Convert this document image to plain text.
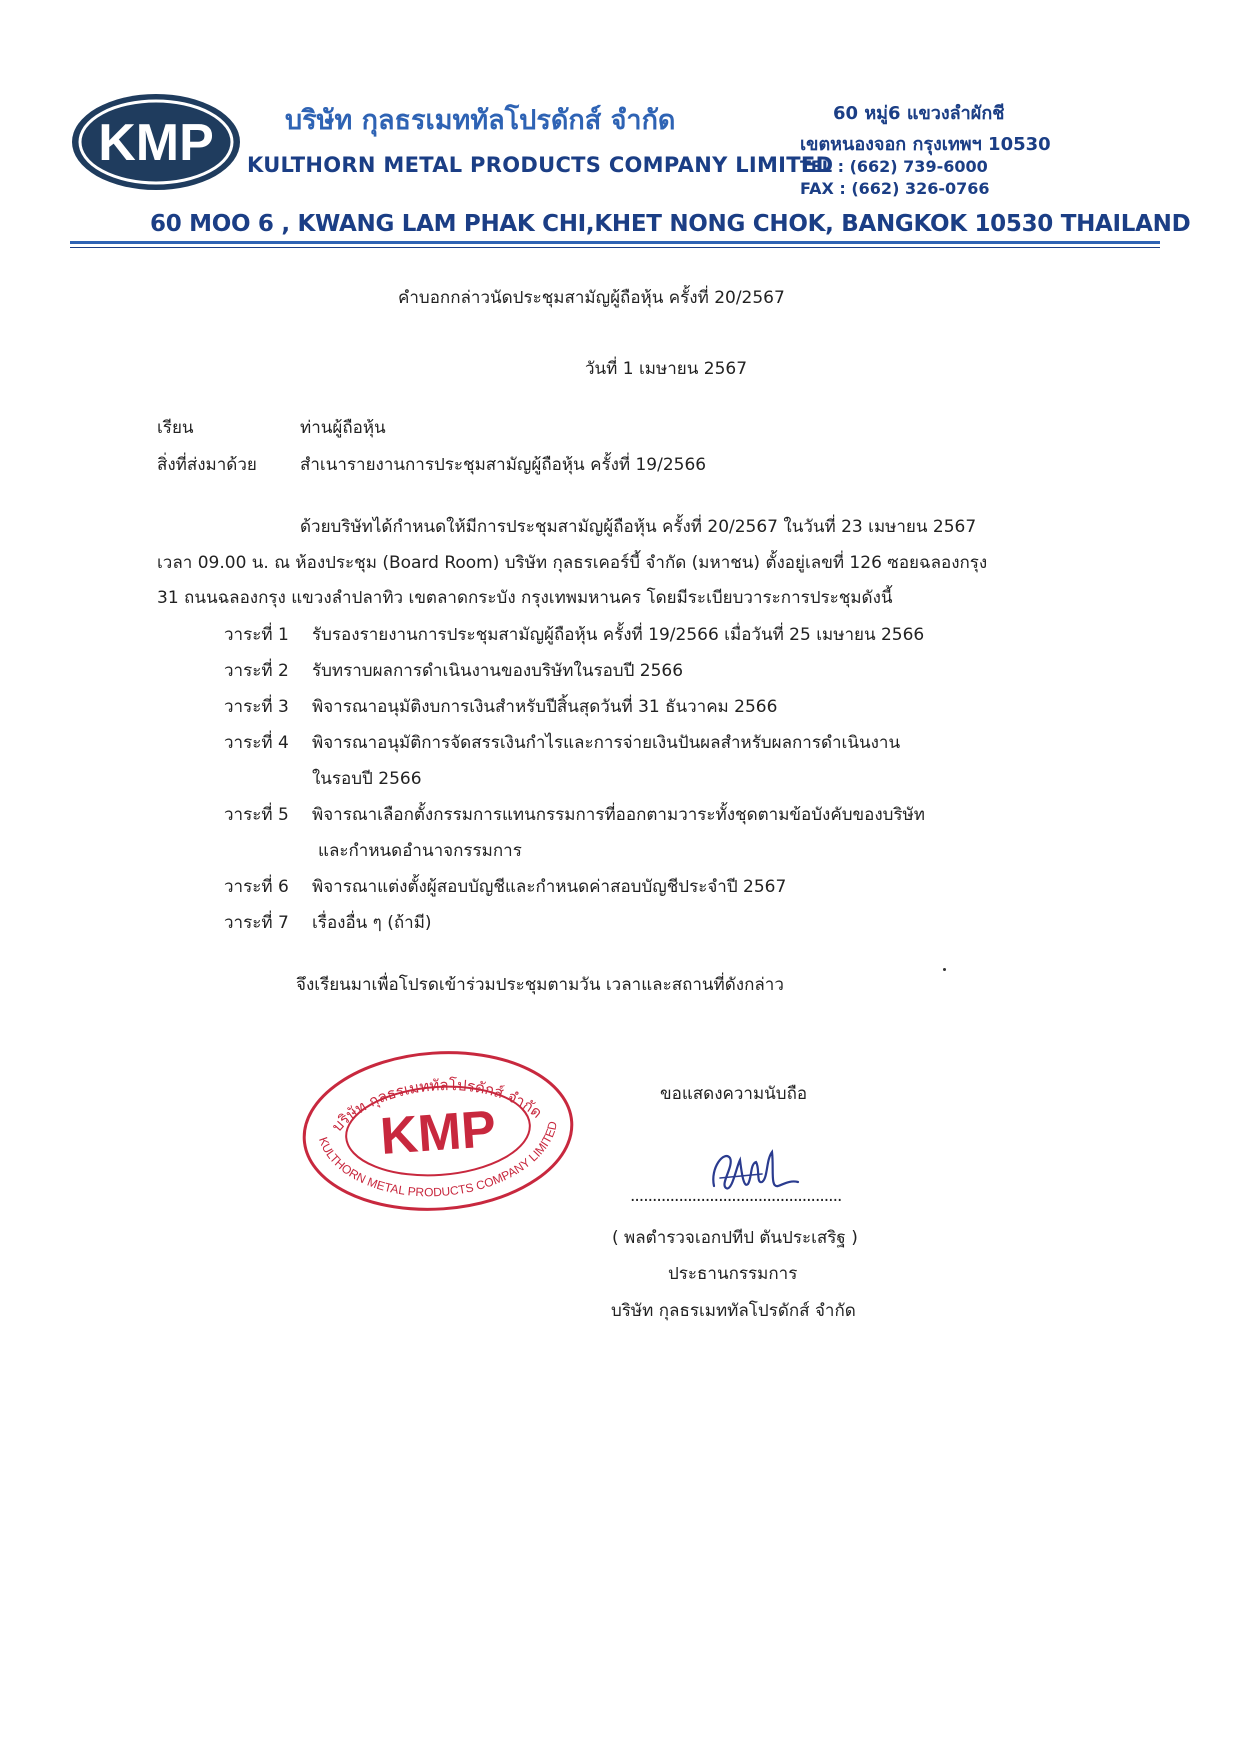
KMP	บริษัท กุลธรเมททัลโปรดักส์ จำกัด
KULTHORN METAL PRODUCTS COMPANY LIMITED
60 หมู่6 แขวงลำผักชี
เขตหนองจอก กรุงเทพฯ 10530
TEL : (662) 739-6000
FAX : (662) 326-0766
60 MOO 6 , KWANG LAM PHAK CHI,KHET NONG CHOK, BANGKOK 10530 THAILAND
คำบอกกล่าวนัดประชุมสามัญผู้ถือหุ้น ครั้งที่ 20/2567
วันที่ 1 เมษายน 2567
เรียน	ท่านผู้ถือหุ้น
สิ่งที่ส่งมาด้วย	สำเนารายงานการประชุมสามัญผู้ถือหุ้น ครั้งที่ 19/2566
ด้วยบริษัทได้กำหนดให้มีการประชุมสามัญผู้ถือหุ้น ครั้งที่ 20/2567 ในวันที่ 23 เมษายน 2567
เวลา 09.00 น. ณ ห้องประชุม (Board Room) บริษัท กุลธรเคอร์บี้ จำกัด (มหาชน) ตั้งอยู่เลขที่ 126 ซอยฉลองกรุง
31 ถนนฉลองกรุง แขวงลำปลาทิว เขตลาดกระบัง กรุงเทพมหานคร โดยมีระเบียบวาระการประชุมดังนี้
วาระที่ 1 รับรองรายงานการประชุมสามัญผู้ถือหุ้น ครั้งที่ 19/2566 เมื่อวันที่ 25 เมษายน 2566
วาระที่ 2 รับทราบผลการดำเนินงานของบริษัทในรอบปี 2566
วาระที่ 3 พิจารณาอนุมัติงบการเงินสำหรับปีสิ้นสุดวันที่ 31 ธันวาคม 2566
วาระที่ 4 พิจารณาอนุมัติการจัดสรรเงินกำไรและการจ่ายเงินปันผลสำหรับผลการดำเนินงาน
ในรอบปี 2566
วาระที่ 5 พิจารณาเลือกตั้งกรรมการแทนกรรมการที่ออกตามวาระทั้งชุดตามข้อบังคับของบริษัท
และกำหนดอำนาจกรรมการ
วาระที่ 6 พิจารณาแต่งตั้งผู้สอบบัญชีและกำหนดค่าสอบบัญชีประจำปี 2567
วาระที่ 7 เรื่องอื่น ๆ (ถ้ามี)
จึงเรียนมาเพื่อโปรดเข้าร่วมประชุมตามวัน เวลาและสถานที่ดังกล่าว
บริษัท กุลธรเมททัลโปรดักส์ จำกัด
KULTHORN METAL PRODUCTS COMPANY LIMITED
KMP
ขอแสดงความนับถือ
................................................
( พลตำรวจเอกปทีป ตันประเสริฐ )
ประธานกรรมการ
บริษัท กุลธรเมททัลโปรดักส์ จำกัด
